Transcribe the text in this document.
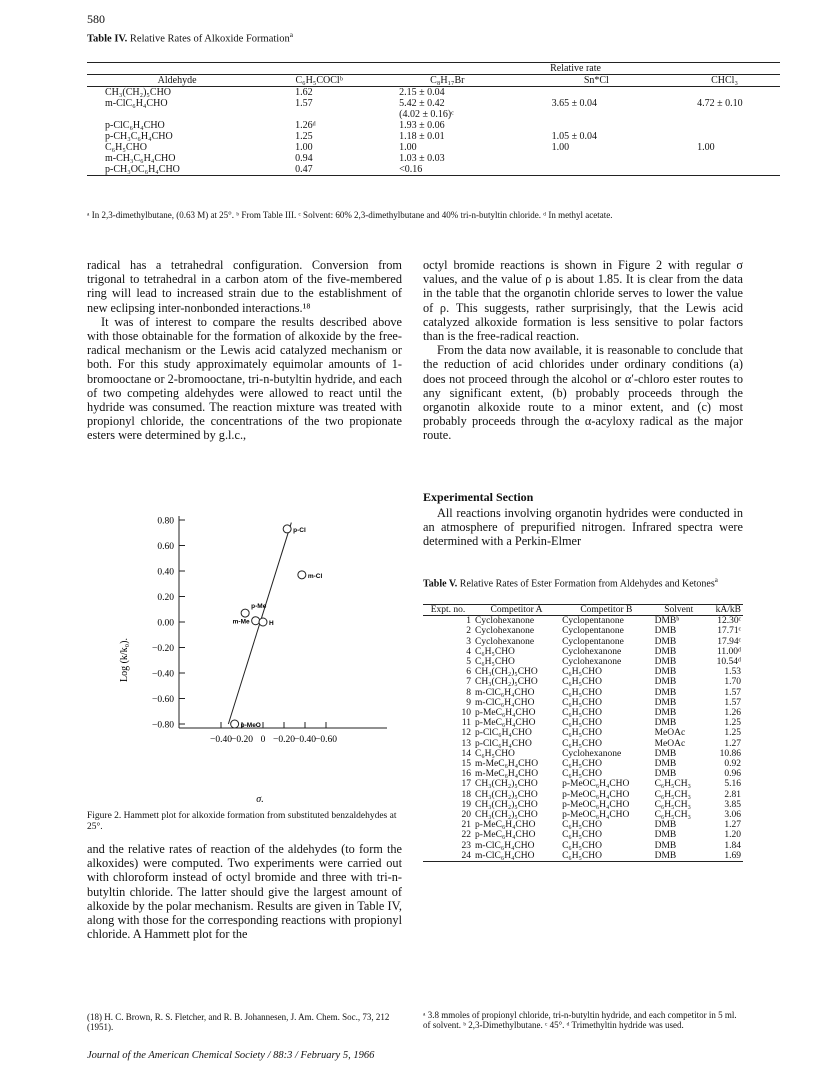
580
Table IV. Relative Rates of Alkoxide Formation$^a$
		Relative rate		
Aldehyde	C₆H₅COClᵇ	C₈H₁₇Br	Sn*Cl	CHCl₃
CH₃(CH₂)₅CHO	1.62	2.15 ± 0.04		
m-ClC₆H₄CHO	1.57	5.42 ± 0.42	3.65 ± 0.04	4.72 ± 0.10
		(4.02 ± 0.16)ᶜ		
p-ClC₆H₄CHO	1.26ᵈ	1.93 ± 0.06		
p-CH₃C₆H₄CHO	1.25	1.18 ± 0.01	1.05 ± 0.04	
C₆H₅CHO	1.00	1.00	1.00	1.00
m-CH₃C₆H₄CHO	0.94	1.03 ± 0.03		
p-CH₃OC₆H₄CHO	0.47	<0.16		
ᵃ In 2,3-dimethylbutane, (0.63 M) at 25°. ᵇ From Table III. ᶜ Solvent: 60% 2,3-dimethylbutane and 40% tri-n-butyltin chloride. ᵈ In methyl acetate.

radical has a tetrahedral configuration. Conversion from trigonal to tetrahedral in a carbon atom of the five-membered ring will lead to increased strain due to the establishment of new eclipsing inter-nonbonded interactions.¹⁸

It was of interest to compare the results described above with those obtainable for the formation of alkoxide by the free-radical mechanism or the Lewis acid catalyzed mechanism or both. For this study approximately equimolar amounts of 1-bromooctane or 2-bromooctane, tri-n-butyltin hydride, and each of two competing aldehydes were allowed to react until the hydride was consumed. The reaction mixture was treated with propionyl chloride, the concentrations of the two propionate esters were determined by g.l.c.,

Log (k/k₀).
σ.
0.80
0.60
0.40
0.20
0.00
−0.20
−0.40
−0.60
−0.80
−0.40 −0.20 0 −0.20 −0.40 −0.60
p-Cl
m-Cl
p-Me
m-Me	H
p-MeO
Figure 2. Hammett plot for alkoxide formation from substituted benzaldehydes at 25°.

and the relative rates of reaction of the aldehydes (to form the alkoxides) were computed. Two experiments were carried out with chloroform instead of octyl bromide and three with tri-n-butyltin chloride. The latter should give the largest amount of alkoxide by the polar mechanism. Results are given in Table IV, along with those for the corresponding reactions with propionyl chloride. A Hammett plot for the

(18) H. C. Brown, R. S. Fletcher, and R. B. Johannesen, J. Am. Chem. Soc., 73, 212 (1951).

octyl bromide reactions is shown in Figure 2 with regular σ values, and the value of ρ is about 1.85. It is clear from the data in the table that the organotin chloride serves to lower the value of ρ. This suggests, rather surprisingly, that the Lewis acid catalyzed alkoxide formation is less sensitive to polar factors than is the free-radical reaction.

From the data now available, it is reasonable to conclude that the reduction of acid chlorides under ordinary conditions (a) does not proceed through the alcohol or α′-chloro ester routes to any significant extent, (b) probably proceeds through the organotin alkoxide route to a minor extent, and (c) most probably proceeds through the α-acyloxy radical as the major route.

Experimental Section

All reactions involving organotin hydrides were conducted in an atmosphere of prepurified nitrogen. Infrared spectra were determined with a Perkin-Elmer

Table V. Relative Rates of Ester Formation from Aldehydes and Ketones$^a$
Expt. no.	Competitor A	Competitor B	Solvent	kA/kB
1	Cyclohexanone	Cyclopentanone	DMBᵇ	12.30ᶜ
2	Cyclohexanone	Cyclopentanone	DMB	17.71ᶜ
3	Cyclohexanone	Cyclopentanone	DMB	17.94ᶜ
4	C₆H₅CHO	Cyclohexanone	DMB	11.00ᵈ
5	C₆H₅CHO	Cyclohexanone	DMB	10.54ᵈ
6	CH₃(CH₂)₅CHO	C₆H₅CHO	DMB	1.53
7	CH₃(CH₂)₅CHO	C₆H₅CHO	DMB	1.70
8	m-ClC₆H₄CHO	C₆H₅CHO	DMB	1.57
9	m-ClC₆H₄CHO	C₆H₅CHO	DMB	1.57
10	p-MeC₆H₄CHO	C₆H₅CHO	DMB	1.26
11	p-MeC₆H₄CHO	C₆H₅CHO	DMB	1.25
12	p-ClC₆H₄CHO	C₆H₅CHO	MeOAc	1.25
13	p-ClC₆H₄CHO	C₆H₅CHO	MeOAc	1.27
14	C₆H₅CHO	Cyclohexanone	DMB	10.86
15	m-MeC₆H₄CHO	C₆H₅CHO	DMB	0.92
16	m-MeC₆H₄CHO	C₆H₅CHO	DMB	0.96
17	CH₃(CH₂)₅CHO	p-MeOC₆H₄CHO	C₆H₅CH₃	5.16
18	CH₃(CH₂)₅CHO	p-MeOC₆H₄CHO	C₆H₅CH₃	2.81
19	CH₃(CH₂)₅CHO	p-MeOC₆H₄CHO	C₆H₅CH₃	3.85
20	CH₃(CH₂)₅CHO	p-MeOC₆H₄CHO	C₆H₅CH₃	3.06
21	p-MeC₆H₄CHO	C₆H₅CHO	DMB	1.27
22	p-MeC₆H₄CHO	C₆H₅CHO	DMB	1.20
23	m-ClC₆H₄CHO	C₆H₅CHO	DMB	1.84
24	m-ClC₆H₄CHO	C₆H₅CHO	DMB	1.69
ᵃ 3.8 mmoles of propionyl chloride, tri-n-butyltin hydride, and each competitor in 5 ml. of solvent. ᵇ 2,3-Dimethylbutane. ᶜ 45°. ᵈ Trimethyltin hydride was used.
Journal of the American Chemical Society / 88:3 / February 5, 1966
